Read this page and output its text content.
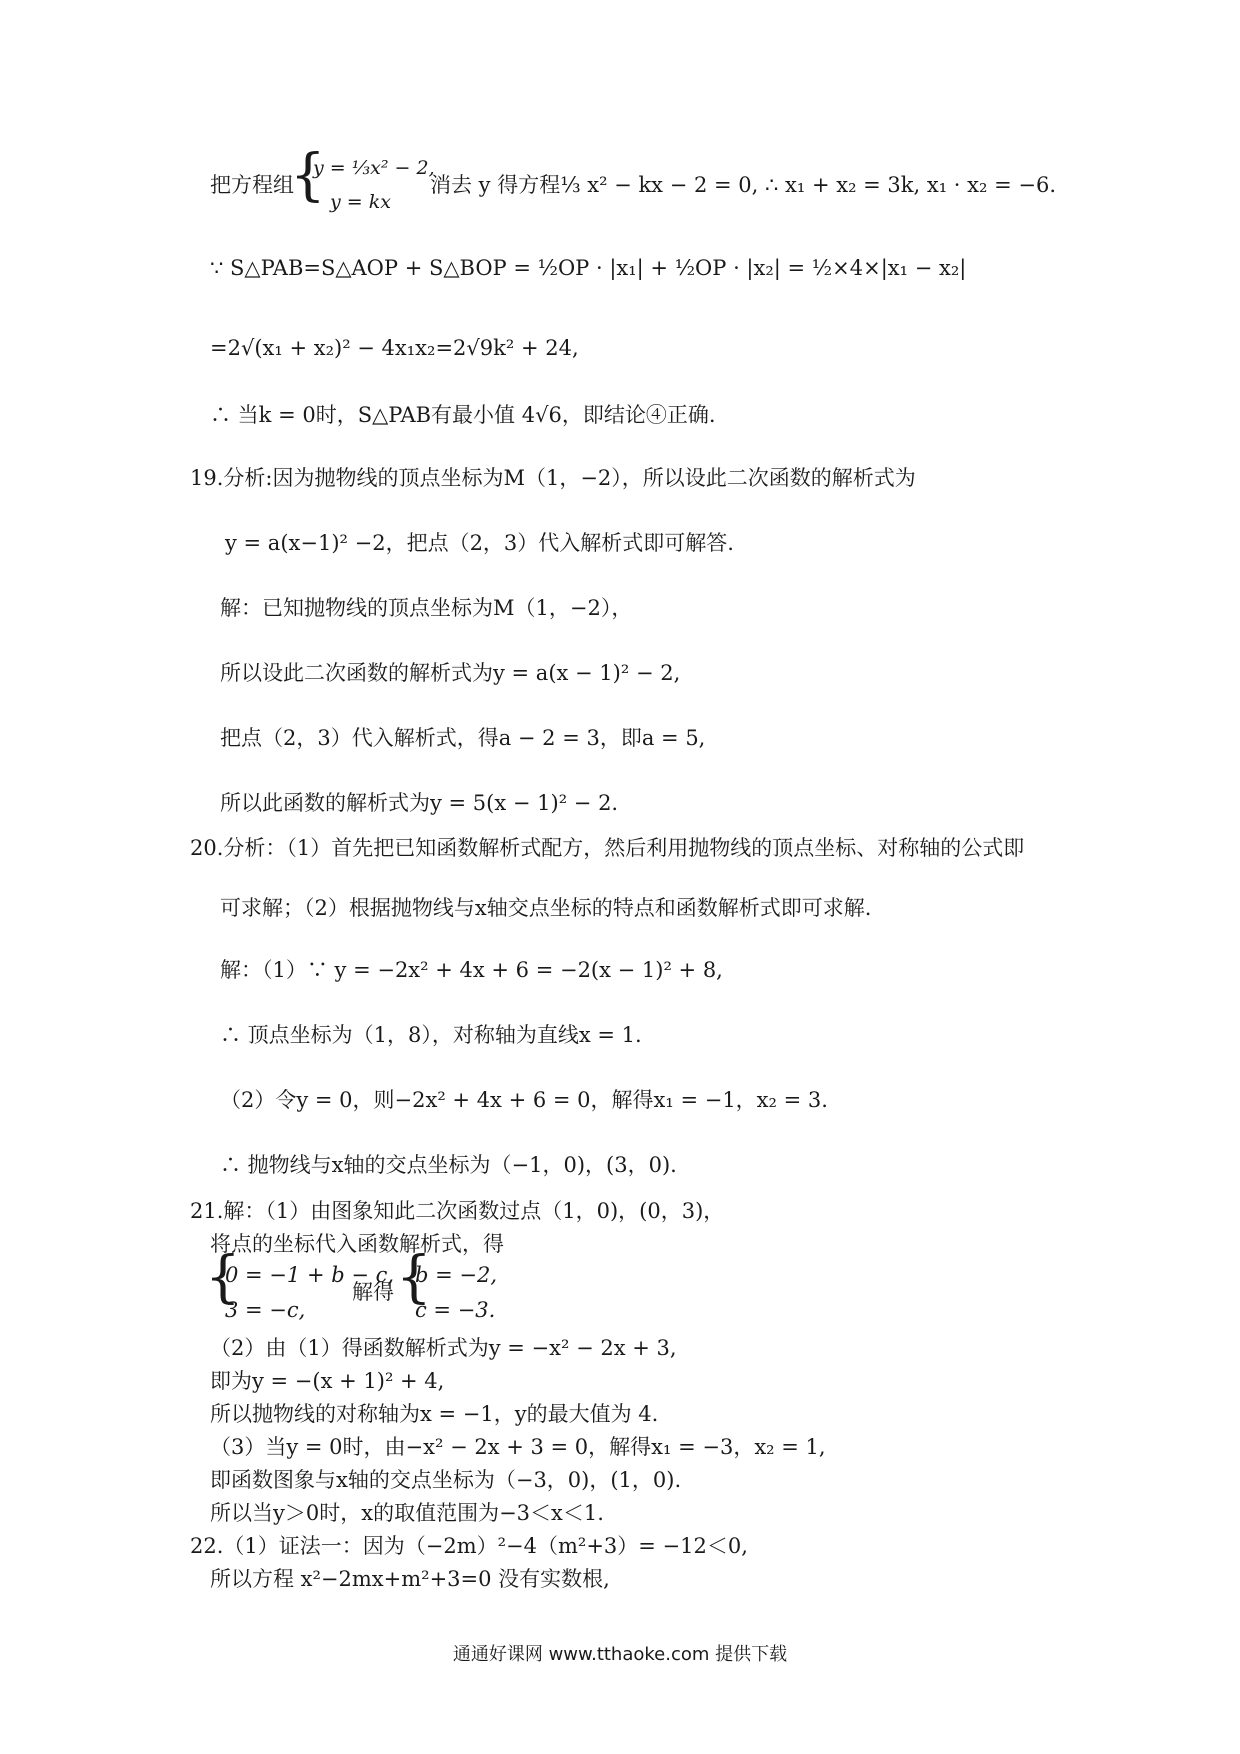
把方程组
{
y = ⅓x² − 2,
y = kx
消去 y 得方程⅓ x² − kx − 2 = 0, ∴ x₁ + x₂ = 3k, x₁ · x₂ = −6.
∵ S△PAB=S△AOP + S△BOP = ½OP · |x₁| + ½OP · |x₂| = ½×4×|x₁ − x₂|
=2√(x₁ + x₂)² − 4x₁x₂=2√9k² + 24,
∴ 当k = 0时，S△PAB有最小值 4√6，即结论④正确.
19.分析:因为抛物线的顶点坐标为M（1，−2），所以设此二次函数的解析式为
y = a(x−1)² −2，把点（2，3）代入解析式即可解答.
解：已知抛物线的顶点坐标为M（1，−2），
所以设此二次函数的解析式为y = a(x − 1)² − 2,
把点（2，3）代入解析式，得a − 2 = 3，即a = 5,
所以此函数的解析式为y = 5(x − 1)² − 2.
20.分析：（1）首先把已知函数解析式配方，然后利用抛物线的顶点坐标、对称轴的公式即
可求解；（2）根据抛物线与x轴交点坐标的特点和函数解析式即可求解.
解：（1）∵ y = −2x² + 4x + 6 = −2(x − 1)² + 8,
∴ 顶点坐标为（1，8），对称轴为直线x = 1.
（2）令y = 0，则−2x² + 4x + 6 = 0，解得x₁ = −1，x₂ = 3.
∴ 抛物线与x轴的交点坐标为（−1，0)，(3，0).
21.解：（1）由图象知此二次函数过点（1，0)，(0，3)，
将点的坐标代入函数解析式，得
{
0 = −1 + b − c,
3 = −c,
解得 {
b = −2,
c = −3.
（2）由（1）得函数解析式为y = −x² − 2x + 3,
即为y = −(x + 1)² + 4,
所以抛物线的对称轴为x = −1，y的最大值为 4.
（3）当y = 0时，由−x² − 2x + 3 = 0，解得x₁ = −3，x₂ = 1,
即函数图象与x轴的交点坐标为（−3，0)，(1，0).
所以当y＞0时，x的取值范围为−3＜x＜1.
22.（1）证法一：因为（−2m）²−4（m²+3）= −12＜0,
所以方程 x²−2mx+m²+3=0 没有实数根,
通通好课网 www.tthaoke.com 提供下载
